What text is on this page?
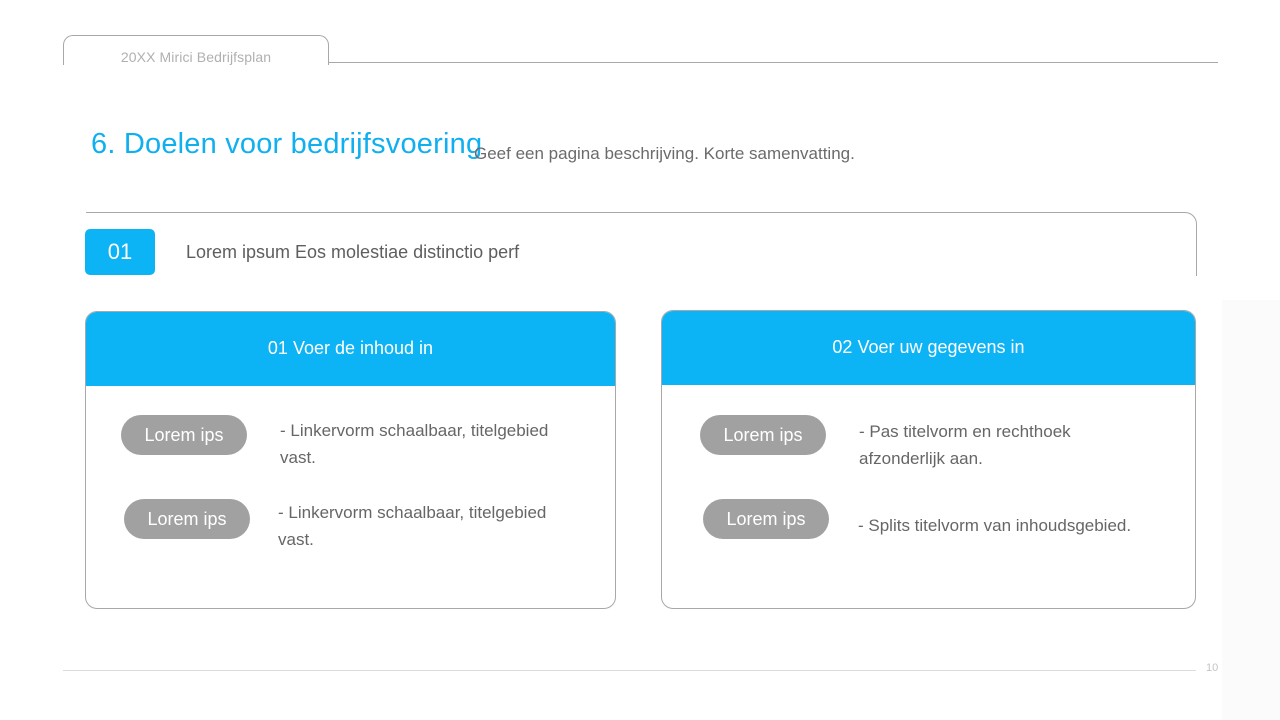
20XX Mirici Bedrijfsplan
6. Doelen voor bedrijfsvoering

Geef een pagina beschrijving. Korte samenvatting.

01	Lorem ipsum Eos molestiae distinctio perf
01 Voer de inhoud in	02 Voer uw gegevens in
Lorem ips	- Linkervorm schaalbaar, titelgebied vast.
Lorem ips	- Linkervorm schaalbaar, titelgebied vast.
Lorem ips	- Pas titelvorm en rechthoek afzonderlijk aan.
Lorem ips	- Splits titelvorm van inhoudsgebied.
10
